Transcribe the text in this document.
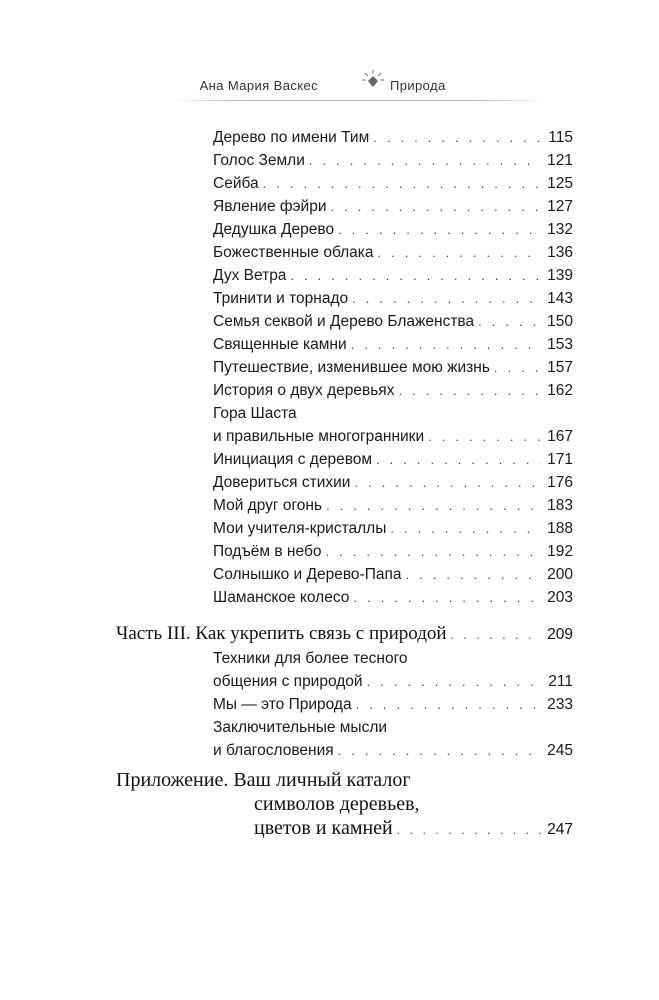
Ана Мария Васкес	Природа
Дерево по имени Тим . . .	115
Голос Земли . . .	121
Сейба . . .	125
Явление фэйри . . .	127
Дедушка Дерево . . .	132
Божественные облака . . .	136
Дух Ветра . . .	139
Тринити и торнадо . . .	143
Семья секвой и Дерево Блаженства . . .	150
Священные камни . . .	153
Путешествие, изменившее мою жизнь . . .	157
История о двух деревьях . . .	162
Гора Шаста
и правильные многогранники . . .	167
Инициация с деревом . . .	171
Довериться стихии . . .	176
Мой друг огонь . . .	183
Мои учителя-кристаллы . . .	188
Подъём в небо . . .	192
Солнышко и Дерево-Папа . . .	200
Шаманское колесо . . .	203
Часть III. Как укрепить связь с природой . . .	209
Техники для более тесного
общения с природой . . .	211
Мы — это Природа . . .	233
Заключительные мысли
и благословения . . .	245
Приложение. Ваш личный каталог
символов деревьев,
цветов и камней . . .	247
